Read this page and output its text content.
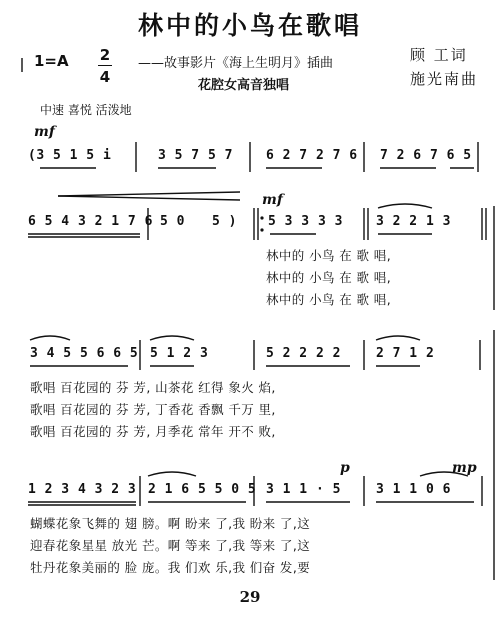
林中的小鸟在歌唱
1=A 2
4
——故事影片《海上生明月》插曲
花腔女高音独唱
顾 工词
施光南曲
中速 喜悦 活泼地
mf
(3 5 1 5 i	3 5 7 5 7	6 2 7 2 7 6 7 2 6 7 6 5
mf
6 5 4 3 2 1 7 6 5 0 5 ) 5 3 3 3 3	3 2 2 1 3
林中的 小鸟 在 歌 唱,
林中的 小鸟 在 歌 唱,
林中的 小鸟 在 歌 唱,
3 4 5 5 6 6 5 5 1 2 3	5 2 2 2 2	2 7 1 2
歌唱 百花园的 芬 芳, 山茶花 红得 象火 焰,
歌唱 百花园的 芬 芳, 丁香花 香飘 千万 里,
歌唱 百花园的 芬 芳, 月季花 常年 开不 败,
p	mp
1 2 3 4 3 2 3 2 1 6 5 5 0 5 3 1 1 · 5	3 1 1 0 6
蝴蝶花象飞舞的 翅 膀。啊 盼来 了,我 盼来 了,这
迎春花象星星 放光 芒。啊 等来 了,我 等来 了,这
牡丹花象美丽的 脸 庞。我 们欢 乐,我 们奋 发,要
29
